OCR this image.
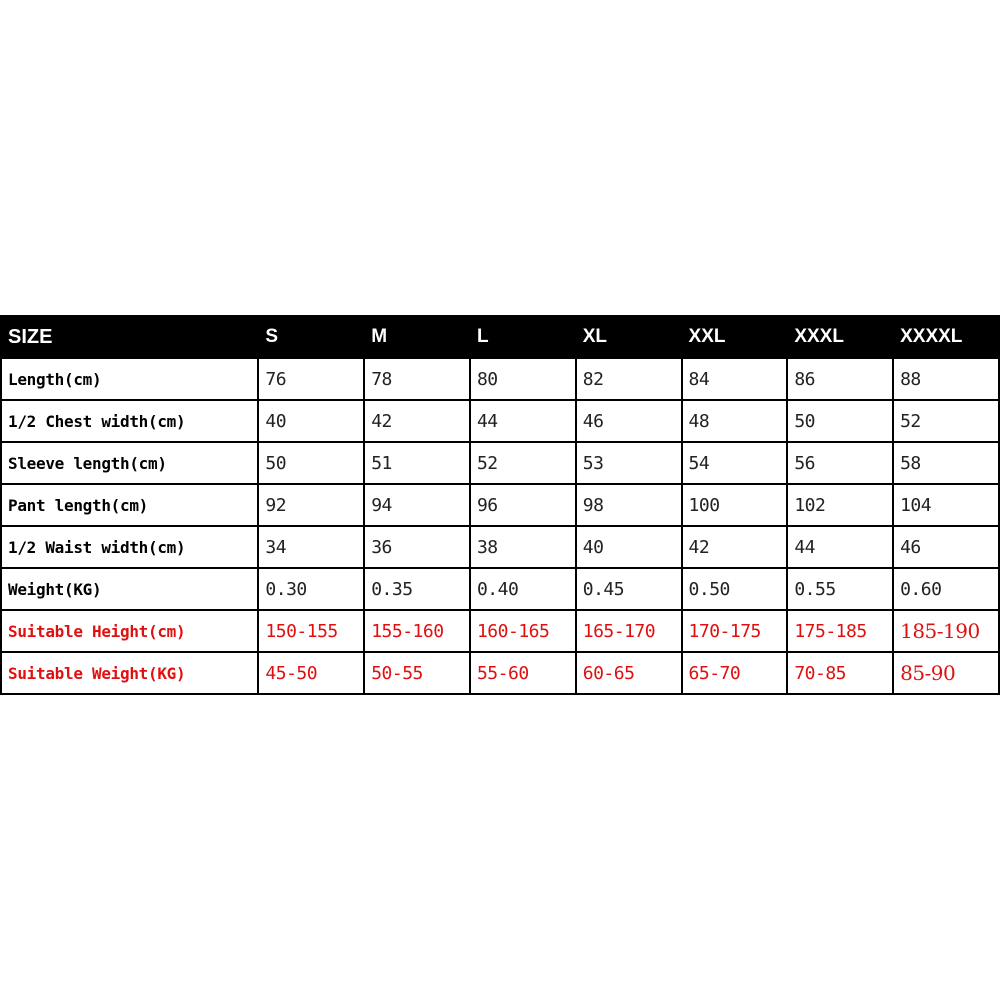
SIZE	S	M	L	XL	XXL	XXXL	XXXXL
Length(cm)	76	78	80	82	84	86	88
1/2 Chest width(cm)	40	42	44	46	48	50	52
Sleeve length(cm)	50	51	52	53	54	56	58
Pant length(cm)	92	94	96	98	100	102	104
1/2 Waist width(cm)	34	36	38	40	42	44	46
Weight(KG)	0.30	0.35	0.40	0.45	0.50	0.55	0.60
Suitable Height(cm)	150-155	155-160	160-165	165-170	170-175	175-185	185-190
Suitable Weight(KG)	45-50	50-55	55-60	60-65	65-70	70-85	85-90
